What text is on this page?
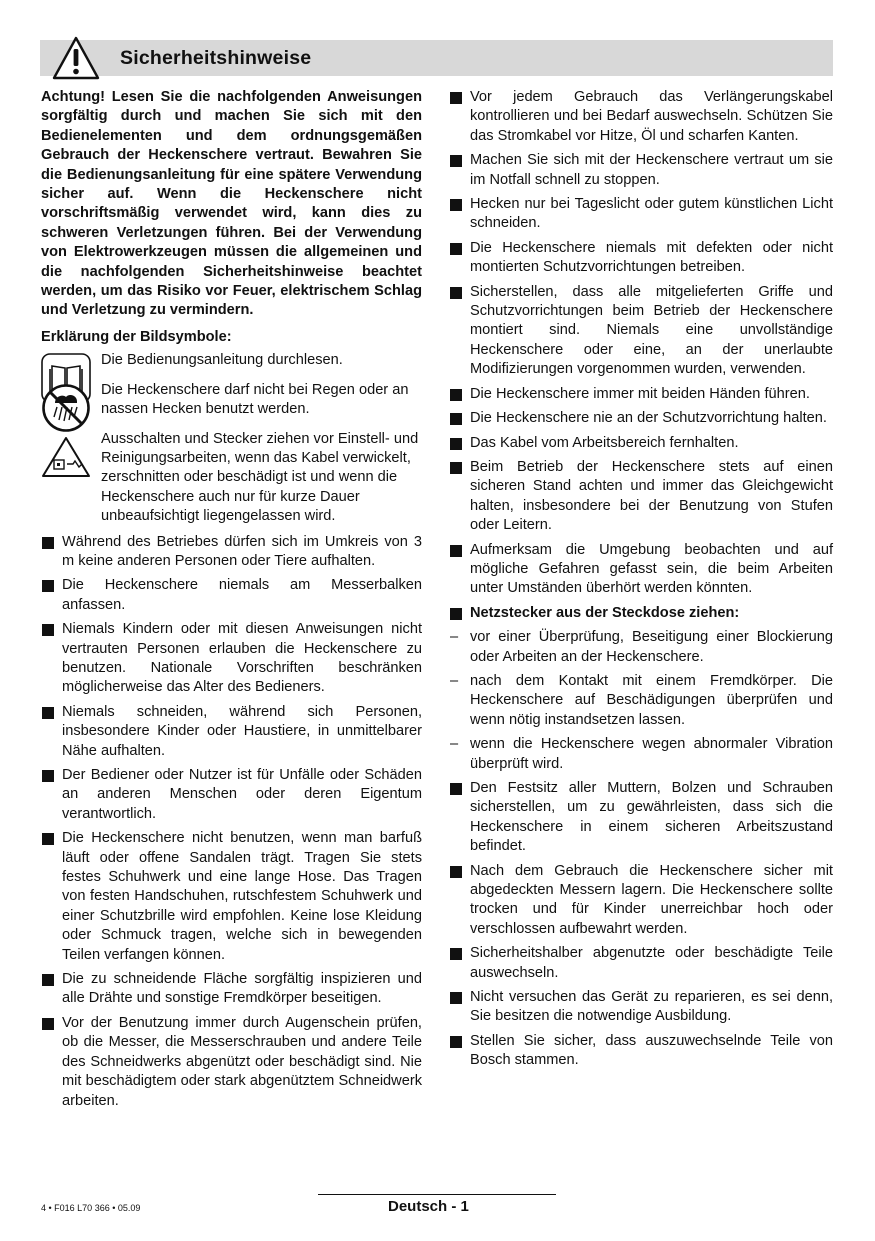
Sicherheitshinweise

Achtung! Lesen Sie die nachfolgenden Anweisungen sorgfältig durch und machen Sie sich mit den Bedienelementen und dem ordnungsgemäßen Gebrauch der Heckenschere vertraut. Bewahren Sie die Bedienungsanleitung für eine spätere Verwendung sicher auf. Wenn die Heckenschere nicht vorschriftsmäßig verwendet wird, kann dies zu schweren Verletzungen führen. Bei der Verwendung von Elektrowerkzeugen müssen die allgemeinen und die nachfolgenden Sicherheitshinweise beachtet werden, um das Risiko vor Feuer, elektrischem Schlag und Verletzung zu vermindern.

Erklärung der Bildsymbole:

Die Bedienungsanleitung durchlesen.
Die Heckenschere darf nicht bei Regen oder an nassen Hecken benutzt werden.
Ausschalten und Stecker ziehen vor Einstell- und Reinigungsarbeiten, wenn das Kabel verwickelt, zerschnitten oder beschädigt ist und wenn die Heckenschere auch nur für kurze Dauer unbeaufsichtigt liegengelassen wird.
Während des Betriebes dürfen sich im Umkreis von 3 m keine anderen Personen oder Tiere aufhalten.
Die Heckenschere niemals am Messerbalken anfassen.
Niemals Kindern oder mit diesen Anweisungen nicht vertrauten Personen erlauben die Heckenschere zu benutzen. Nationale Vorschriften beschränken möglicherweise das Alter des Bedieners.
Niemals schneiden, während sich Personen, insbesondere Kinder oder Haustiere, in unmittelbarer Nähe aufhalten.
Der Bediener oder Nutzer ist für Unfälle oder Schäden an anderen Menschen oder deren Eigentum verantwortlich.
Die Heckenschere nicht benutzen, wenn man barfuß läuft oder offene Sandalen trägt. Tragen Sie stets festes Schuhwerk und eine lange Hose. Das Tragen von festen Handschuhen, rutschfestem Schuhwerk und einer Schutzbrille wird empfohlen. Keine lose Kleidung oder Schmuck tragen, welche sich in bewegenden Teilen verfangen können.
Die zu schneidende Fläche sorgfältig inspizieren und alle Drähte und sonstige Fremdkörper beseitigen.
Vor der Benutzung immer durch Augenschein prüfen, ob die Messer, die Messerschrauben und andere Teile des Schneidwerks abgenützt oder beschädigt sind. Nie mit beschädigtem oder stark abgenütztem Schneidwerk arbeiten.
Vor jedem Gebrauch das Verlängerungskabel kontrollieren und bei Bedarf auswechseln. Schützen Sie das Stromkabel vor Hitze, Öl und scharfen Kanten.
Machen Sie sich mit der Heckenschere vertraut um sie im Notfall schnell zu stoppen.
Hecken nur bei Tageslicht oder gutem künstlichen Licht schneiden.
Die Heckenschere niemals mit defekten oder nicht montierten Schutzvorrichtungen betreiben.
Sicherstellen, dass alle mitgelieferten Griffe und Schutzvorrichtungen beim Betrieb der Heckenschere montiert sind. Niemals eine unvollständige Heckenschere oder eine, an der unerlaubte Modifizierungen vorgenommen wurden, verwenden.
Die Heckenschere immer mit beiden Händen führen.
Die Heckenschere nie an der Schutzvorrichtung halten.
Das Kabel vom Arbeitsbereich fernhalten.
Beim Betrieb der Heckenschere stets auf einen sicheren Stand achten und immer das Gleichgewicht halten, insbesondere bei der Benutzung von Stufen oder Leitern.
Aufmerksam die Umgebung beobachten und auf mögliche Gefahren gefasst sein, die beim Arbeiten unter Umständen überhört werden könnten.
Netzstecker aus der Steckdose ziehen:
– vor einer Überprüfung, Beseitigung einer Blockierung oder Arbeiten an der Heckenschere.
– nach dem Kontakt mit einem Fremdkörper. Die Heckenschere auf Beschädigungen überprüfen und wenn nötig instandsetzen lassen.
– wenn die Heckenschere wegen abnormaler Vibration überprüft wird.
Den Festsitz aller Muttern, Bolzen und Schrauben sicherstellen, um zu gewährleisten, dass sich die Heckenschere in einem sicheren Arbeitszustand befindet.
Nach dem Gebrauch die Heckenschere sicher mit abgedeckten Messern lagern. Die Heckenschere sollte trocken und für Kinder unerreichbar hoch oder verschlossen aufbewahrt werden.
Sicherheitshalber abgenutzte oder beschädigte Teile auswechseln.
Nicht versuchen das Gerät zu reparieren, es sei denn, Sie besitzen die notwendige Ausbildung.
Stellen Sie sicher, dass auszuwechselnde Teile von Bosch stammen.
4 • F016 L70 366 • 05.09	Deutsch - 1
